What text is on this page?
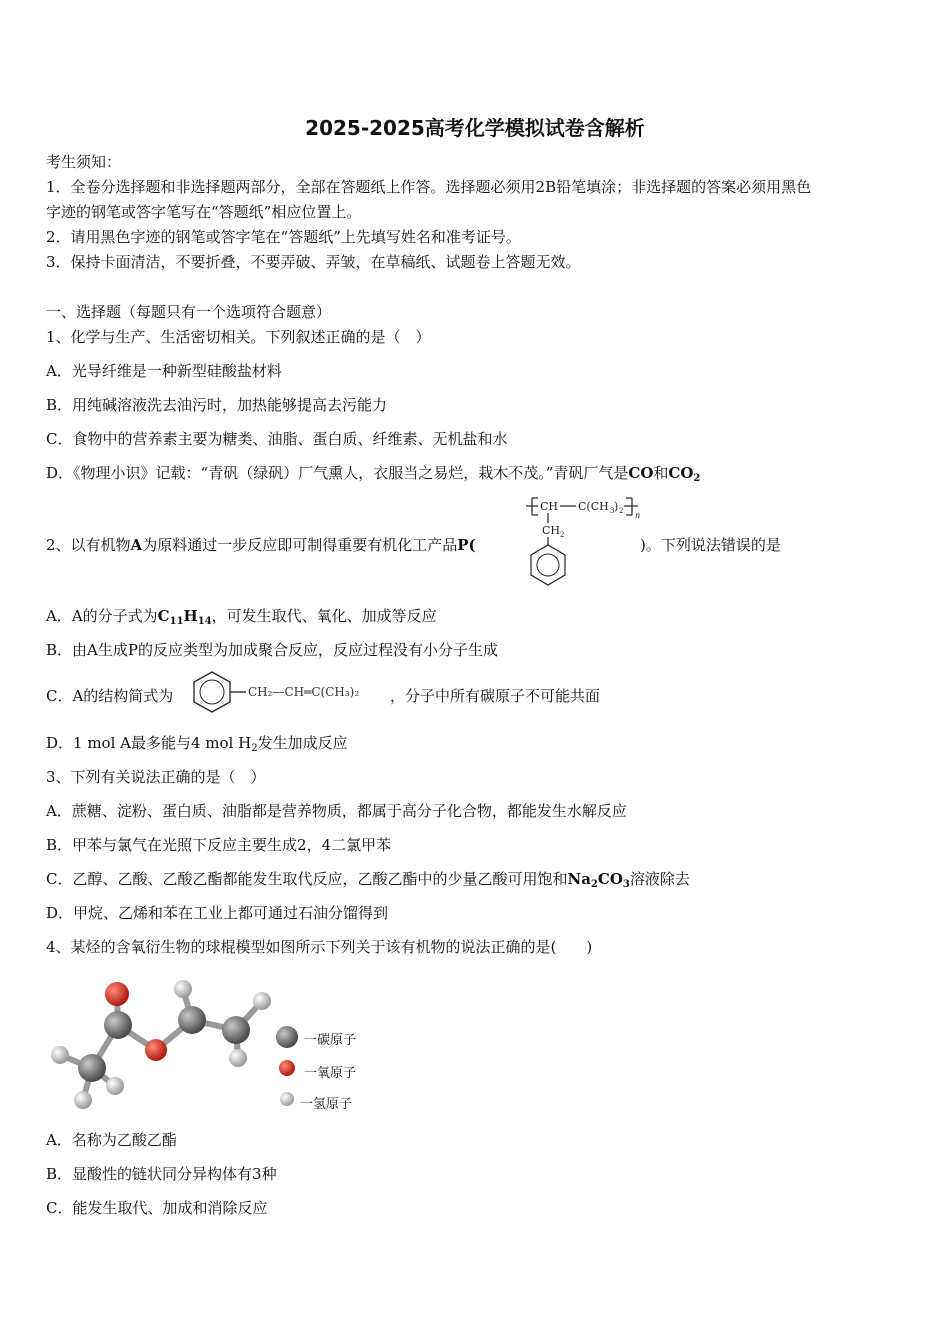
2025-2025高考化学模拟试卷含解析
考生须知：
1．全卷分选择题和非选择题两部分，全部在答题纸上作答。选择题必须用2B铅笔填涂；非选择题的答案必须用黑色
字迹的钢笔或答字笔写在“答题纸”相应位置上。
2．请用黑色字迹的钢笔或答字笔在“答题纸”上先填写姓名和准考证号。
3．保持卡面清洁，不要折叠，不要弄破、弄皱，在草稿纸、试题卷上答题无效。
一、选择题（每题只有一个选项符合题意）
1、化学与生产、生活密切相关。下列叙述正确的是（　）
A．光导纤维是一种新型硅酸盐材料
B．用纯碱溶液洗去油污时，加热能够提高去污能力
C．食物中的营养素主要为糖类、油脂、蛋白质、纤维素、无机盐和水
D．《物理小识》记载：“青矾（绿矾）厂气熏人，衣服当之易烂，栽木不茂。”青矾厂气是CO和$CO_2$
CH C(CH 3 ) 2 n
CH 2
2、以有机物A为原料通过一步反应即可制得重要有机化工产品P(	)。下列说法错误的是
A．A的分子式为$C_{11}H_{14}$，可发生取代、氧化、加成等反应
B．由A生成P的反应类型为加成聚合反应，反应过程没有小分子生成
C．A的结构简式为	CH₂—CH═C(CH₃)₂ ，分子中所有碳原子不可能共面
D．1 mol A最多能与4 mol $H_2$发生加成反应
3、下列有关说法正确的是（　）
A．蔗糖、淀粉、蛋白质、油脂都是营养物质，都属于高分子化合物，都能发生水解反应
B．甲苯与氯气在光照下反应主要生成2，4二氯甲苯
C．乙醇、乙酸、乙酸乙酯都能发生取代反应，乙酸乙酯中的少量乙酸可用饱和$Na_2CO_3$溶液除去
D．甲烷、乙烯和苯在工业上都可通过石油分馏得到
4、某烃的含氧衍生物的球棍模型如图所示下列关于该有机物的说法正确的是(　　)
一碳原子
一氧原子
一氢原子
A．名称为乙酸乙酯
B．显酸性的链状同分异构体有3种
C．能发生取代、加成和消除反应
